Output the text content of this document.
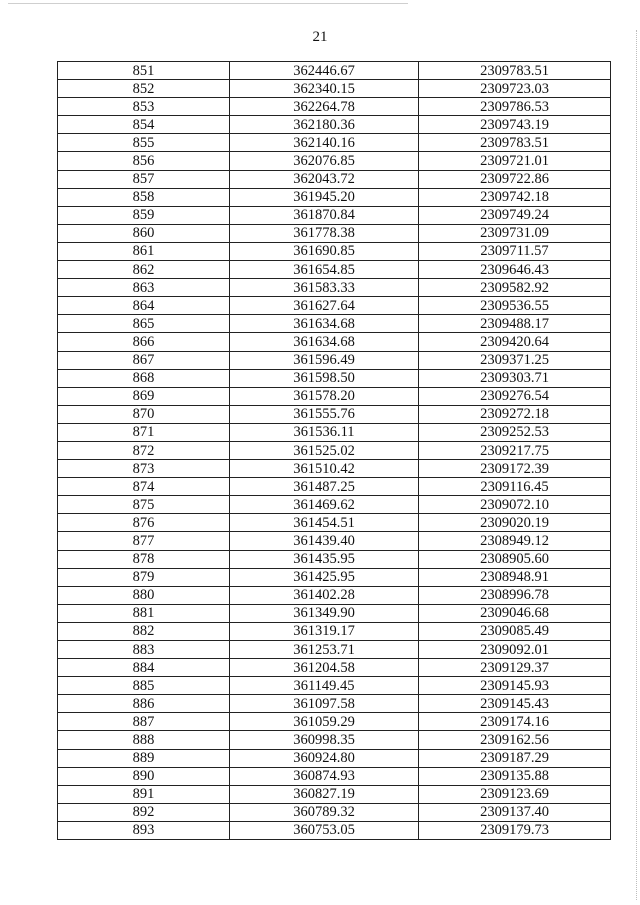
21
851	362446.67	2309783.51
852	362340.15	2309723.03
853	362264.78	2309786.53
854	362180.36	2309743.19
855	362140.16	2309783.51
856	362076.85	2309721.01
857	362043.72	2309722.86
858	361945.20	2309742.18
859	361870.84	2309749.24
860	361778.38	2309731.09
861	361690.85	2309711.57
862	361654.85	2309646.43
863	361583.33	2309582.92
864	361627.64	2309536.55
865	361634.68	2309488.17
866	361634.68	2309420.64
867	361596.49	2309371.25
868	361598.50	2309303.71
869	361578.20	2309276.54
870	361555.76	2309272.18
871	361536.11	2309252.53
872	361525.02	2309217.75
873	361510.42	2309172.39
874	361487.25	2309116.45
875	361469.62	2309072.10
876	361454.51	2309020.19
877	361439.40	2308949.12
878	361435.95	2308905.60
879	361425.95	2308948.91
880	361402.28	2308996.78
881	361349.90	2309046.68
882	361319.17	2309085.49
883	361253.71	2309092.01
884	361204.58	2309129.37
885	361149.45	2309145.93
886	361097.58	2309145.43
887	361059.29	2309174.16
888	360998.35	2309162.56
889	360924.80	2309187.29
890	360874.93	2309135.88
891	360827.19	2309123.69
892	360789.32	2309137.40
893	360753.05	2309179.73
